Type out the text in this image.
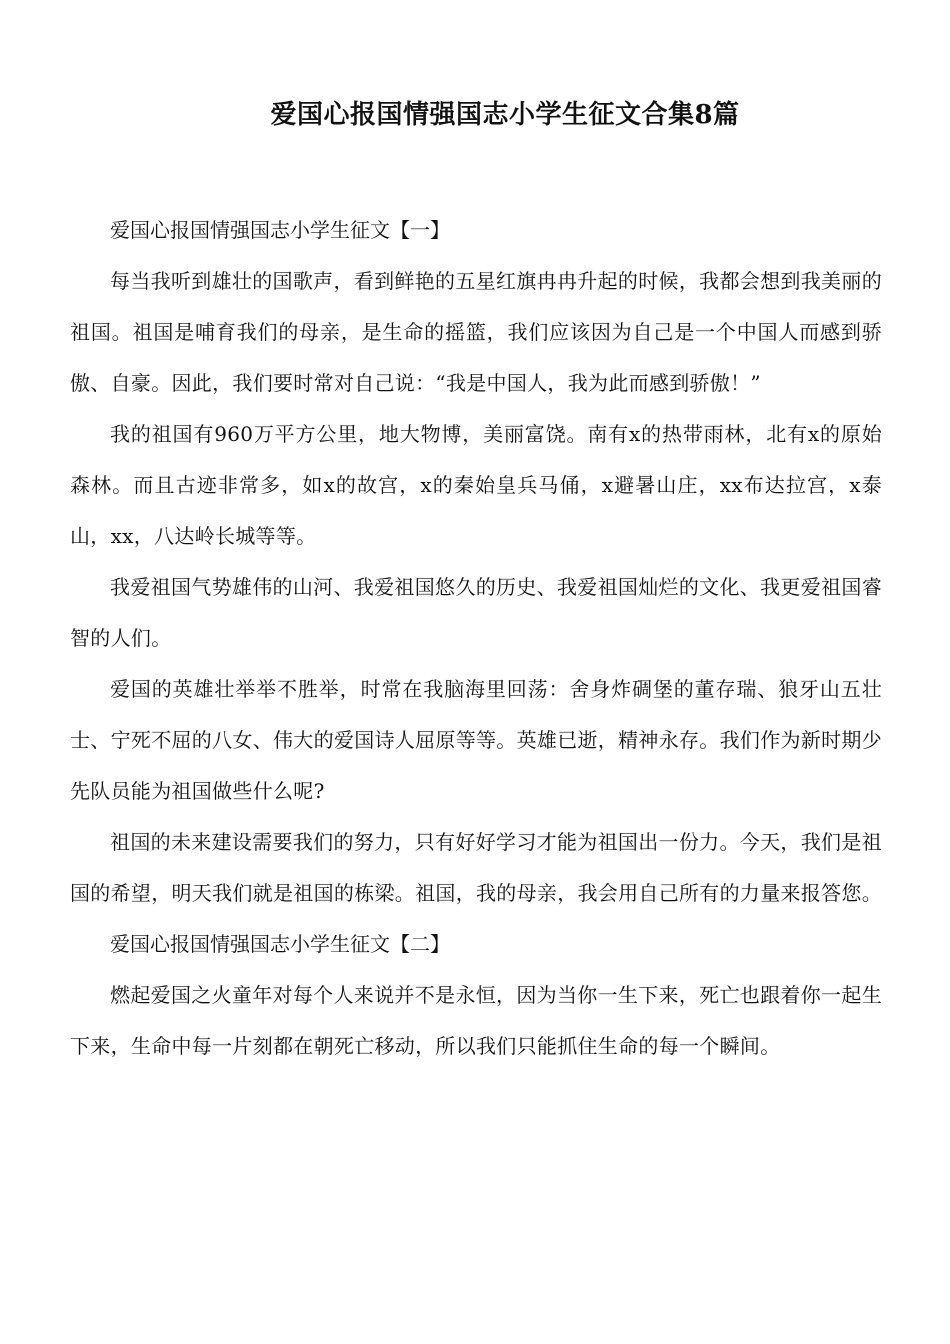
爱国心报国情强国志小学生征文合集8篇

爱国心报国情强国志小学生征文【一】

每当我听到雄壮的国歌声，看到鲜艳的五星红旗冉冉升起的时候，我都会想到我美丽的祖国。祖国是哺育我们的母亲，是生命的摇篮，我们应该因为自己是一个中国人而感到骄傲、自豪。因此，我们要时常对自己说：“我是中国人，我为此而感到骄傲！”

我的祖国有960万平方公里，地大物博，美丽富饶。南有x的热带雨林，北有x的原始森林。而且古迹非常多，如x的故宫，x的秦始皇兵马俑，x避暑山庄，xx布达拉宫，x泰山，xx，八达岭长城等等。

我爱祖国气势雄伟的山河、我爱祖国悠久的历史、我爱祖国灿烂的文化、我更爱祖国睿智的人们。

爱国的英雄壮举举不胜举，时常在我脑海里回荡：舍身炸碉堡的董存瑞、狼牙山五壮士、宁死不屈的八女、伟大的爱国诗人屈原等等。英雄已逝，精神永存。我们作为新时期少先队员能为祖国做些什么呢?

祖国的未来建设需要我们的努力，只有好好学习才能为祖国出一份力。今天，我们是祖国的希望，明天我们就是祖国的栋梁。祖国，我的母亲，我会用自己所有的力量来报答您。

爱国心报国情强国志小学生征文【二】

燃起爱国之火童年对每个人来说并不是永恒，因为当你一生下来，死亡也跟着你一起生下来，生命中每一片刻都在朝死亡移动，所以我们只能抓住生命的每一个瞬间。
